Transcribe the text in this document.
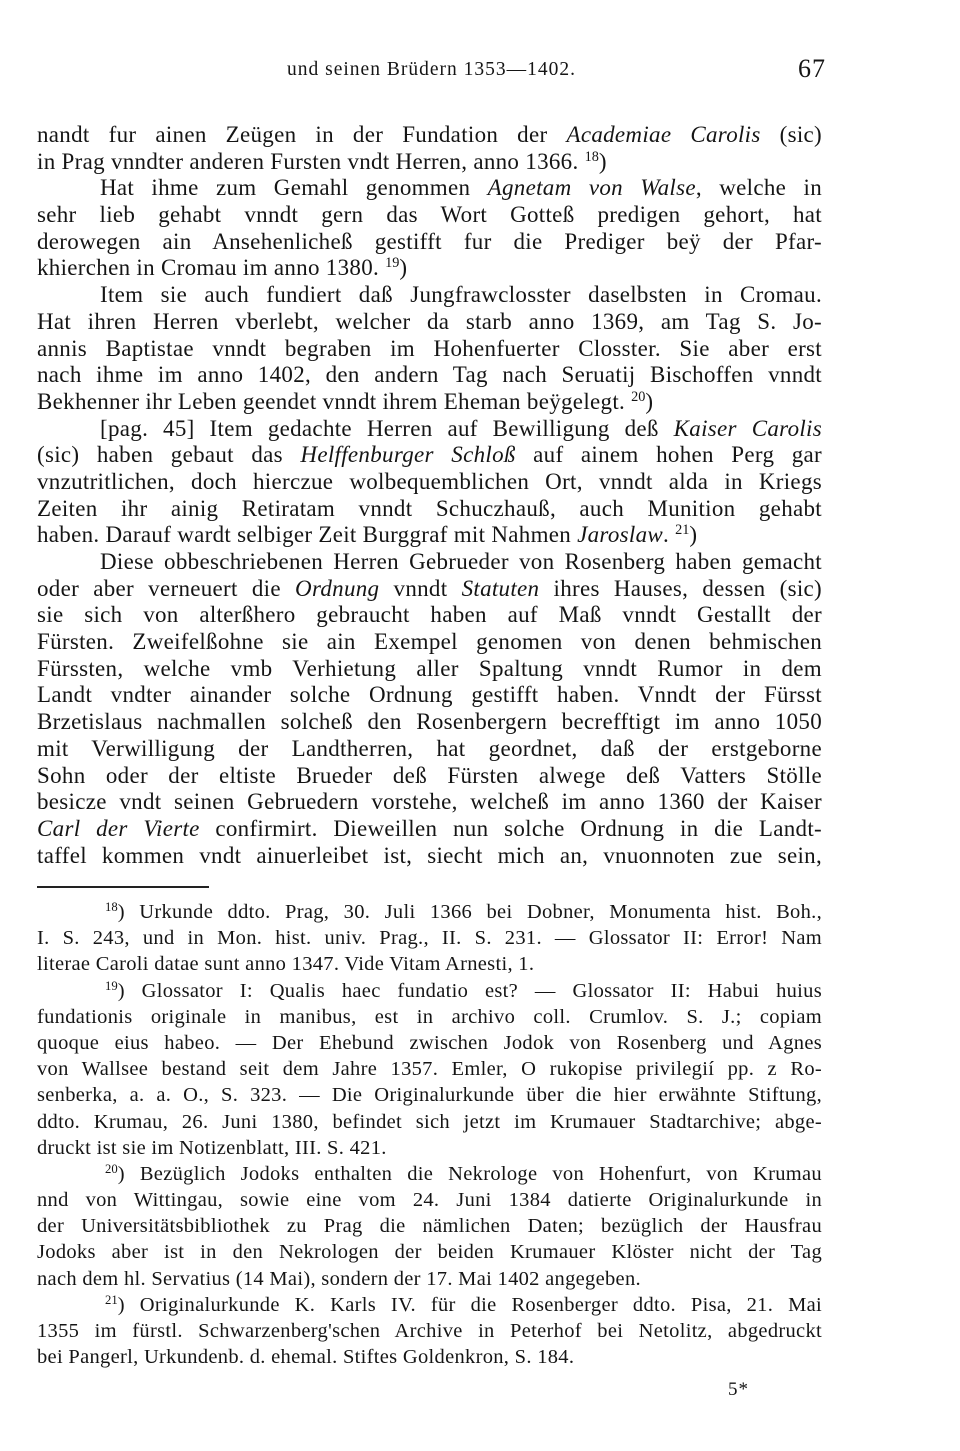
und seinen Brüdern 1353—1402.	67
nandt fur ainen Zeügen in der Fundation der Academiae Carolis (sic)
in Prag vnndter anderen Fursten vndt Herren, anno 1366. $^{18}$)
Hat ihme zum Gemahl genommen Agnetam von Walse, welche in
sehr lieb gehabt vnndt gern das Wort Gotteß predigen gehort, hat
derowegen ain Ansehenlicheß gestifft fur die Prediger beÿ der Pfar-
khierchen in Cromau im anno 1380. $^{19}$)
Item sie auch fundiert daß Jungfrawclosster daselbsten in Cromau.
Hat ihren Herren vberlebt, welcher da starb anno 1369, am Tag S. Jo-
annis Baptistae vnndt begraben im Hohenfuerter Closster. Sie aber erst
nach ihme im anno 1402, den andern Tag nach Seruatij Bischoffen vnndt
Bekhenner ihr Leben geendet vnndt ihrem Eheman beÿgelegt. $^{20}$)
[pag. 45] Item gedachte Herren auf Bewilligung deß Kaiser Carolis
(sic) haben gebaut das Helffenburger Schloß auf ainem hohen Perg gar
vnzutritlichen, doch hierczue wolbequemblichen Ort, vnndt alda in Kriegs
Zeiten ihr ainig Retiratam vnndt Schuczhauß, auch Munition gehabt
haben. Darauf wardt selbiger Zeit Burggraf mit Nahmen Jaroslaw. $^{21}$)
Diese obbeschriebenen Herren Gebrueder von Rosenberg haben gemacht
oder aber verneuert die Ordnung vnndt Statuten ihres Hauses, dessen (sic)
sie sich von alterßhero gebraucht haben auf Maß vnndt Gestallt der
Fürsten. Zweifelßohne sie ain Exempel genomen von denen behmischen
Fürssten, welche vmb Verhietung aller Spaltung vnndt Rumor in dem
Landt vndter ainander solche Ordnung gestifft haben. Vnndt der Fürsst
Brzetislaus nachmallen solcheß den Rosenbergern becrefftigt im anno 1050
mit Verwilligung der Landtherren, hat geordnet, daß der erstgeborne
Sohn oder der eltiste Brueder deß Fürsten alwege deß Vatters Stölle
besicze vndt seinen Gebruedern vorstehe, welcheß im anno 1360 der Kaiser
Carl der Vierte confirmirt. Dieweillen nun solche Ordnung in die Landt-
taffel kommen vndt ainuerleibet ist, siecht mich an, vnuonnoten zue sein,
$^{18}$) Urkunde ddto. Prag, 30. Juli 1366 bei Dobner, Monumenta hist. Boh.,
I. S. 243, und in Mon. hist. univ. Prag., II. S. 231. — Glossator II: Error! Nam
literae Caroli datae sunt anno 1347. Vide Vitam Arnesti, 1.
$^{19}$) Glossator I: Qualis haec fundatio est? — Glossator II: Habui huius
fundationis originale in manibus, est in archivo coll. Crumlov. S. J.; copiam
quoque eius habeo. — Der Ehebund zwischen Jodok von Rosenberg und Agnes
von Wallsee bestand seit dem Jahre 1357. Emler, O rukopise privilegií pp. z Ro-
senberka, a. a. O., S. 323. — Die Originalurkunde über die hier erwähnte Stiftung,
ddto. Krumau, 26. Juni 1380, befindet sich jetzt im Krumauer Stadtarchive; abge-
druckt ist sie im Notizenblatt, III. S. 421.
$^{20}$) Bezüglich Jodoks enthalten die Nekrologe von Hohenfurt, von Krumau
nnd von Wittingau, sowie eine vom 24. Juni 1384 datierte Originalurkunde in
der Universitätsbibliothek zu Prag die nämlichen Daten; bezüglich der Hausfrau
Jodoks aber ist in den Nekrologen der beiden Krumauer Klöster nicht der Tag
nach dem hl. Servatius (14 Mai), sondern der 17. Mai 1402 angegeben.
$^{21}$) Originalurkunde K. Karls IV. für die Rosenberger ddto. Pisa, 21. Mai
1355 im fürstl. Schwarzenberg'schen Archive in Peterhof bei Netolitz, abgedruckt
bei Pangerl, Urkundenb. d. ehemal. Stiftes Goldenkron, S. 184.
5*
